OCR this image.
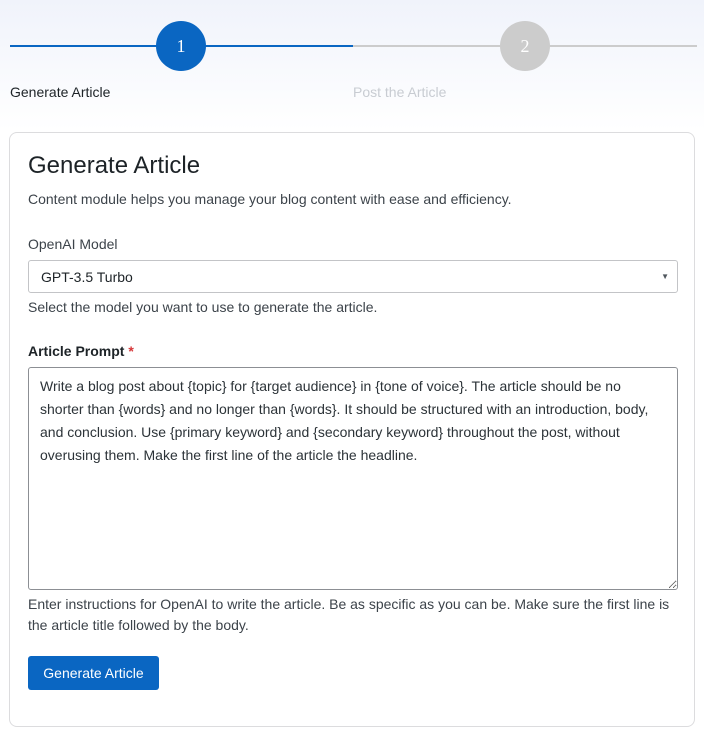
1	2
Generate Article	Post the Article
Generate Article
Content module helps you manage your blog content with ease and efficiency.
OpenAI Model
GPT-3.5 Turbo	▼
Select the model you want to use to generate the article.
Article Prompt *
Write a blog post about {topic} for {target audience} in {tone of voice}. The article should be no shorter than {words} and no longer than {words}. It should be structured with an introduction, body, and conclusion. Use {primary keyword} and {secondary keyword} throughout the post, without overusing them. Make the first line of the article the headline.
Enter instructions for OpenAI to write the article. Be as specific as you can be. Make sure the first line is the article title followed by the body.
Generate Article
